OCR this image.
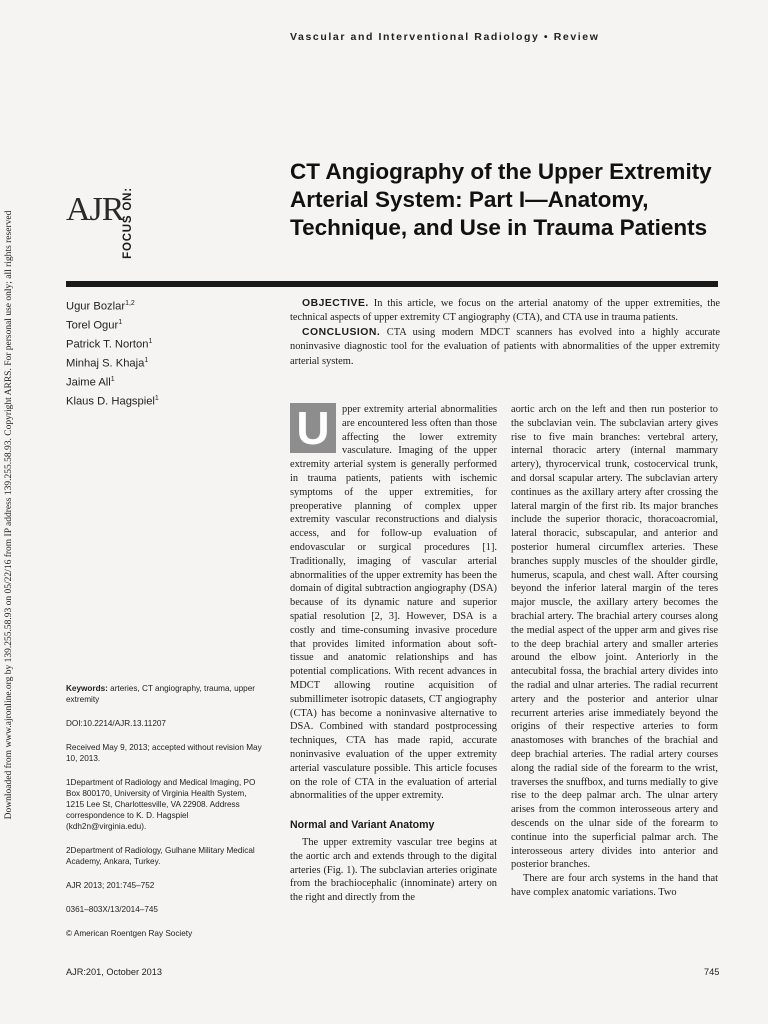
Vascular and Interventional Radiology • Review
Downloaded from www.ajronline.org by 139.255.58.93 on 05/22/16 from IP address 139.255.58.93. Copyright ARRS. For personal use only; all rights reserved
AJR
FOCUS ON:
CT Angiography of the Upper Extremity Arterial System: Part I—Anatomy, Technique, and Use in Trauma Patients
Ugur Bozlar$^{1,2}$
Torel Ogur$^1$
Patrick T. Norton$^1$
Minhaj S. Khaja$^1$
Jaime All$^1$
Klaus D. Hagspiel$^1$
OBJECTIVE. In this article, we focus on the arterial anatomy of the upper extremities, the technical aspects of upper extremity CT angiography (CTA), and CTA use in trauma patients.
CONCLUSION. CTA using modern MDCT scanners has evolved into a highly accurate noninvasive diagnostic tool for the evaluation of patients with abnormalities of the upper extremity arterial system.

Keywords: arteries, CT angiography, trauma, upper extremity

DOI:10.2214/AJR.13.11207

Received May 9, 2013; accepted without revision May 10, 2013.

1Department of Radiology and Medical Imaging, PO Box 800170, University of Virginia Health System, 1215 Lee St, Charlottesville, VA 22908. Address correspondence to K. D. Hagspiel (kdh2n@virginia.edu).

2Department of Radiology, Gulhane Military Medical Academy, Ankara, Turkey.

AJR 2013; 201:745–752

0361–803X/13/2014–745

© American Roentgen Ray Society

U	pper extremity arterial abnormalities are encountered less often than those affecting the lower extremity vasculature. Imaging of the upper extremity arterial system is generally performed in trauma patients, patients with ischemic symptoms of the upper extremities, for preoperative planning of complex upper extremity vascular reconstructions and dialysis access, and for follow-up evaluation of endovascular or surgical procedures [1]. Traditionally, imaging of vascular arterial abnormalities of the upper extremity has been the domain of digital subtraction angiography (DSA) because of its dynamic nature and superior spatial resolution [2, 3]. However, DSA is a costly and time-consuming invasive procedure that provides limited information about soft-tissue and anatomic relationships and has potential complications. With recent advances in MDCT allowing routine acquisition of submillimeter isotropic datasets, CT angiography (CTA) has become a noninvasive alternative to DSA. Combined with standard postprocessing techniques, CTA has made rapid, accurate noninvasive evaluation of the upper extremity arterial vasculature possible. This article focuses on the role of CTA in the evaluation of arterial abnormalities of the upper extremity.

Normal and Variant Anatomy

The upper extremity vascular tree begins at the aortic arch and extends through to the digital arteries (Fig. 1). The subclavian arteries originate from the brachiocephalic (innominate) artery on the right and directly from the

aortic arch on the left and then run posterior to the subclavian vein. The subclavian artery gives rise to five main branches: vertebral artery, internal thoracic artery (internal mammary artery), thyrocervical trunk, costocervical trunk, and dorsal scapular artery. The subclavian artery continues as the axillary artery after crossing the lateral margin of the first rib. Its major branches include the superior thoracic, thoracoacromial, lateral thoracic, subscapular, and anterior and posterior humeral circumflex arteries. These branches supply muscles of the shoulder girdle, humerus, scapula, and chest wall. After coursing beyond the inferior lateral margin of the teres major muscle, the axillary artery becomes the brachial artery. The brachial artery courses along the medial aspect of the upper arm and gives rise to the deep brachial artery and smaller arteries around the elbow joint. Anteriorly in the antecubital fossa, the brachial artery divides into the radial and ulnar arteries. The radial recurrent artery and the posterior and anterior ulnar recurrent arteries arise immediately beyond the origins of their respective arteries to form anastomoses with branches of the brachial and deep brachial arteries. The radial artery courses along the radial side of the forearm to the wrist, traverses the snuffbox, and turns medially to give rise to the deep palmar arch. The ulnar artery arises from the common interosseous artery and descends on the ulnar side of the forearm to continue into the superficial palmar arch. The interosseous artery divides into anterior and posterior branches.

There are four arch systems in the hand that have complex anatomic variations. Two

AJR:201, October 2013	745
